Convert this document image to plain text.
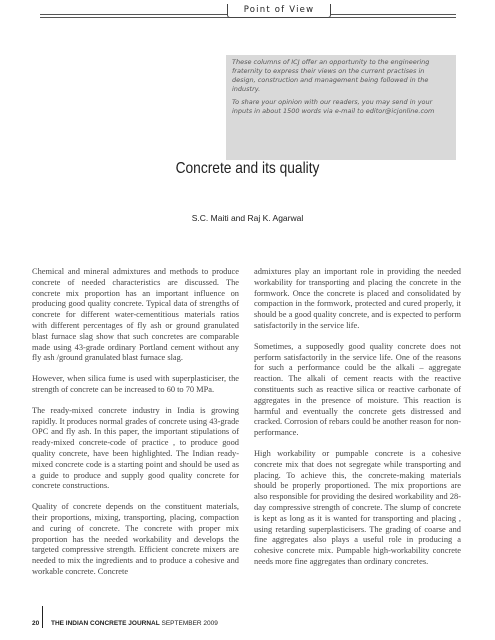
Point of View

These columns of ICJ offer an opportunity to the engineering fraternity to express their views on the current practises in design, construction and management being followed in the industry.

To share your opinion with our readers, you may send in your inputs in about 1500 words via e-mail to editor@icjonline.com

Concrete and its quality
S.C. Maiti and Raj K. Agarwal

Chemical and mineral admixtures and methods to produce concrete of needed characteristics are discussed. The concrete mix proportion has an important influence on producing good quality concrete. Typical data of strengths of concrete for different water-cementitious materials ratios with different percentages of fly ash or ground granulated blast furnace slag show that such concretes are comparable made using 43-grade ordinary Portland cement without any fly ash /ground granulated blast furnace slag.

However, when silica fume is used with superplasticiser, the strength of concrete can be increased to 60 to 70 MPa.

The ready-mixed concrete industry in India is growing rapidly. It produces normal grades of concrete using 43-grade OPC and fly ash. In this paper, the important stipulations of ready-mixed concrete-code of practice , to produce good quality concrete, have been highlighted. The Indian ready-mixed concrete code is a starting point and should be used as a guide to produce and supply good quality concrete for concrete constructions.

Quality of concrete depends on the constituent materials, their proportions, mixing, transporting, placing, compaction and curing of concrete. The concrete with proper mix proportion has the needed workability and develops the targeted compressive strength. Efficient concrete mixers are needed to mix the ingredients and to produce a cohesive and workable concrete. Concrete

admixtures play an important role in providing the needed workability for transporting and placing the concrete in the formwork. Once the concrete is placed and consolidated by compaction in the formwork, protected and cured properly, it should be a good quality concrete, and is expected to perform satisfactorily in the service life.

Sometimes, a supposedly good quality concrete does not perform satisfactorily in the service life. One of the reasons for such a performance could be the alkali – aggregate reaction. The alkali of cement reacts with the reactive constituents such as reactive silica or reactive carbonate of aggregates in the presence of moisture. This reaction is harmful and eventually the concrete gets distressed and cracked. Corrosion of rebars could be another reason for non-performance.

High workability or pumpable concrete is a cohesive concrete mix that does not segregate while transporting and placing. To achieve this, the concrete-making materials should be properly proportioned. The mix proportions are also responsible for providing the desired workability and 28-day compressive strength of concrete. The slump of concrete is kept as long as it is wanted for transporting and placing , using retarding superplasticisers. The grading of coarse and fine aggregates also plays a useful role in producing a cohesive concrete mix. Pumpable high-workability concrete needs more fine aggregates than ordinary concretes.

20 THE INDIAN CONCRETE JOURNAL SEPTEMBER 2009
